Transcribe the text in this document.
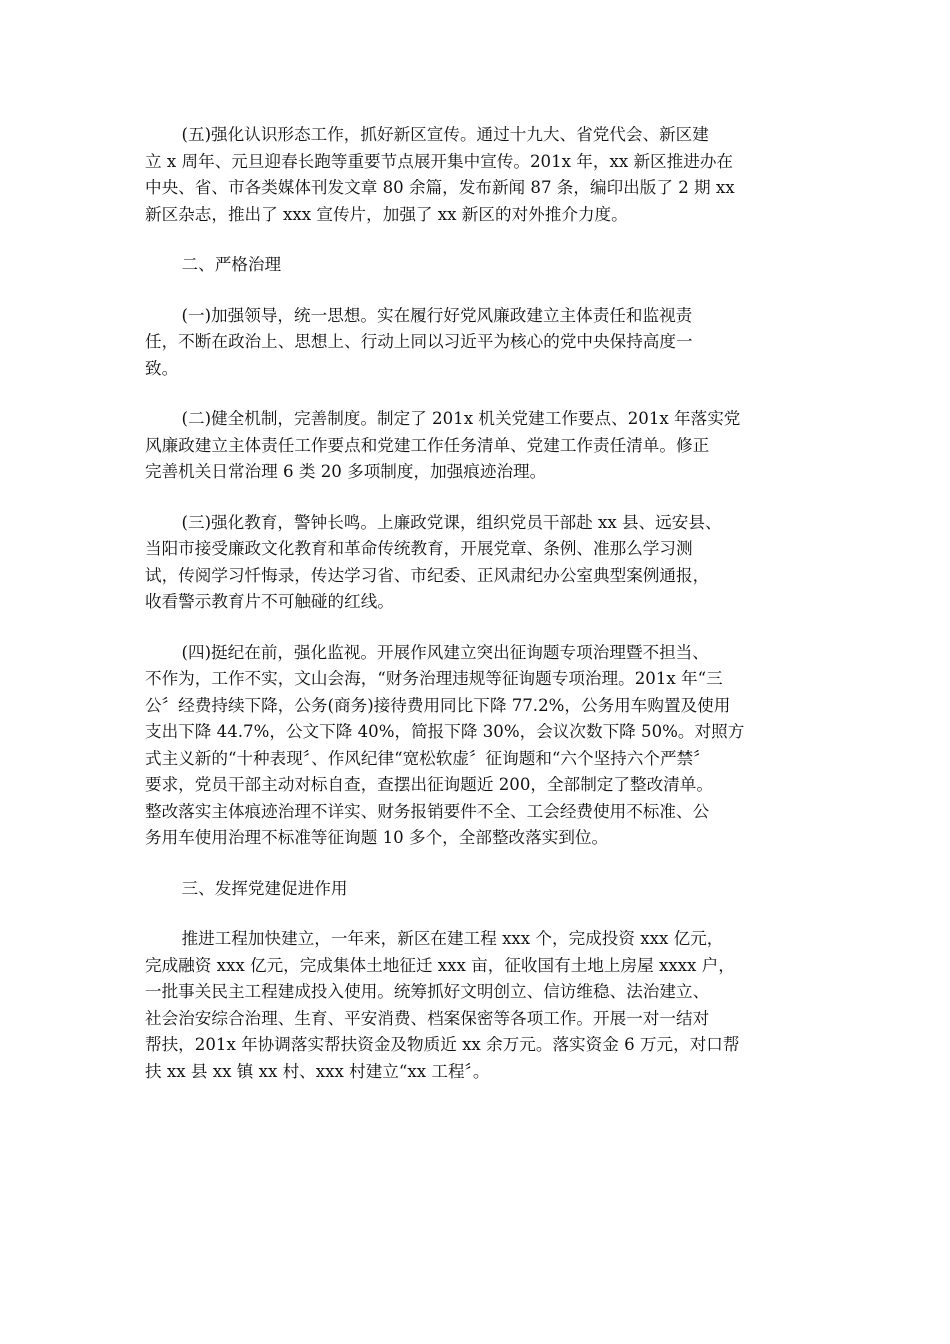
(五)强化认识形态工作，抓好新区宣传。通过十九大、省党代会、新区建
立 x 周年、元旦迎春长跑等重要节点展开集中宣传。201x 年，xx 新区推进办在
中央、省、市各类媒体刊发文章 80 余篇，发布新闻 87 条，编印出版了 2 期 xx
新区杂志，推出了 xxx 宣传片，加强了 xx 新区的对外推介力度。

二、严格治理

(一)加强领导，统一思想。实在履行好党风廉政建立主体责任和监视责
任，不断在政治上、思想上、行动上同以习近平为核心的党中央保持高度一
致。

(二)健全机制，完善制度。制定了 201x 机关党建工作要点、201x 年落实党
风廉政建立主体责任工作要点和党建工作任务清单、党建工作责任清单。修正
完善机关日常治理 6 类 20 多项制度，加强痕迹治理。

(三)强化教育，警钟长鸣。上廉政党课，组织党员干部赴 xx 县、远安县、
当阳市接受廉政文化教育和革命传统教育，开展党章、条例、准那么学习测
试，传阅学习忏悔录，传达学习省、市纪委、正风肃纪办公室典型案例通报，
收看警示教育片不可触碰的红线。

(四)挺纪在前，强化监视。开展作风建立突出征询题专项治理暨不担当、
不作为，工作不实，文山会海，“财务治理违规等征询题专项治理。201x 年“三
公〞经费持续下降，公务(商务)接待费用同比下降 77.2%，公务用车购置及使用
支出下降 44.7%，公文下降 40%，简报下降 30%，会议次数下降 50%。对照方
式主义新的“十种表现〞、作风纪律“宽松软虚〞征询题和“六个坚持六个严禁〞
要求，党员干部主动对标自查，查摆出征询题近 200，全部制定了整改清单。
整改落实主体痕迹治理不详实、财务报销要件不全、工会经费使用不标准、公
务用车使用治理不标准等征询题 10 多个，全部整改落实到位。

三、发挥党建促进作用

推进工程加快建立，一年来，新区在建工程 xxx 个，完成投资 xxx 亿元，
完成融资 xxx 亿元，完成集体土地征迁 xxx 亩，征收国有土地上房屋 xxxx 户，
一批事关民主工程建成投入使用。统筹抓好文明创立、信访维稳、法治建立、
社会治安综合治理、生育、平安消费、档案保密等各项工作。开展一对一结对
帮扶，201x 年协调落实帮扶资金及物质近 xx 余万元。落实资金 6 万元，对口帮
扶 xx 县 xx 镇 xx 村、xxx 村建立“xx 工程〞。
